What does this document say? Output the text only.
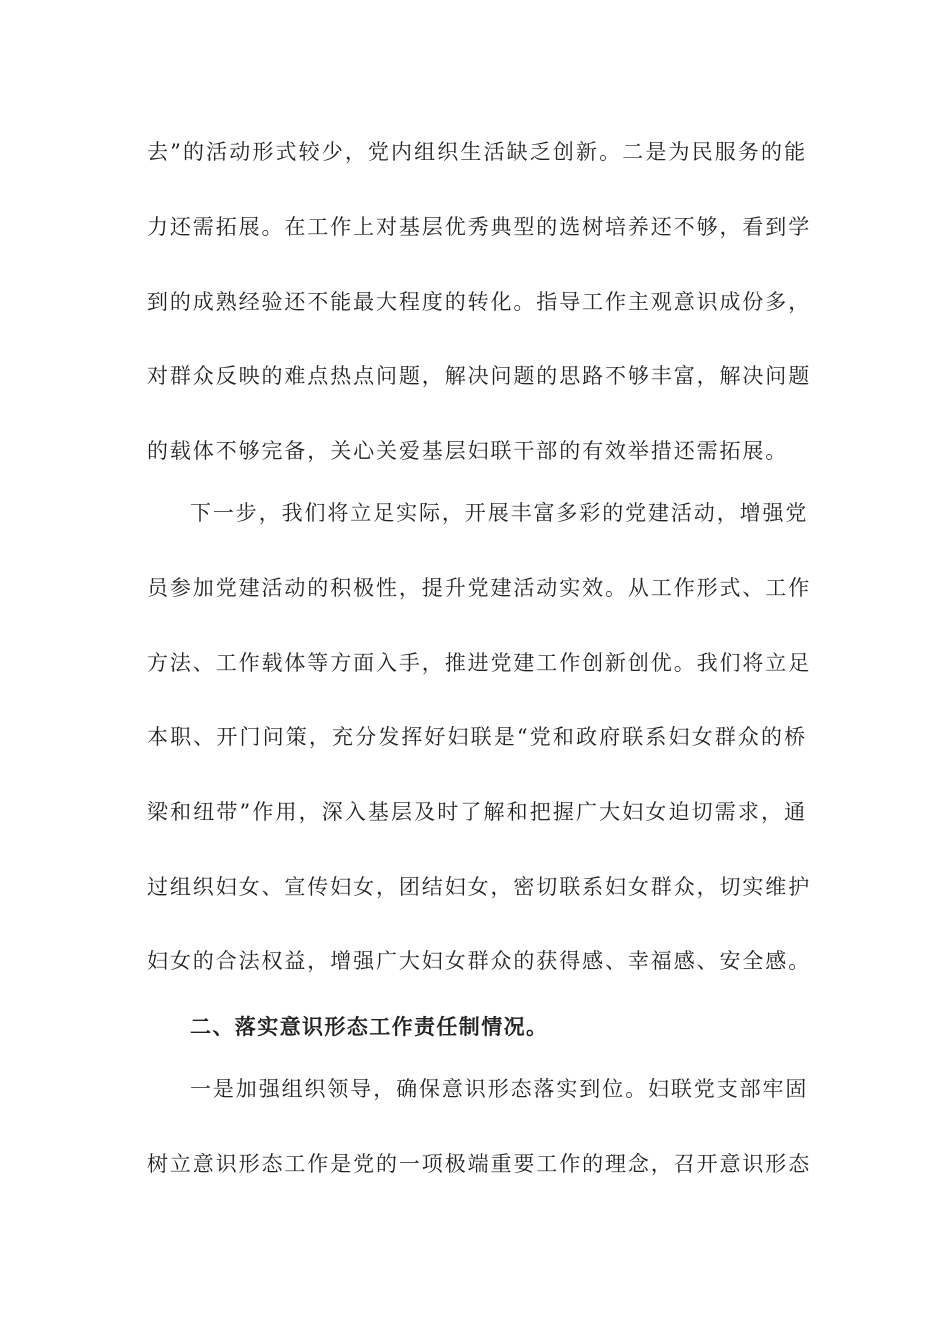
去”的活动形式较少，党内组织生活缺乏创新。二是为民服务的能
力还需拓展。在工作上对基层优秀典型的选树培养还不够，看到学
到的成熟经验还不能最大程度的转化。指导工作主观意识成份多，
对群众反映的难点热点问题，解决问题的思路不够丰富，解决问题
的载体不够完备，关心关爱基层妇联干部的有效举措还需拓展。
下一步，我们将立足实际，开展丰富多彩的党建活动，增强党
员参加党建活动的积极性，提升党建活动实效。从工作形式、工作
方法、工作载体等方面入手，推进党建工作创新创优。我们将立足
本职、开门问策，充分发挥好妇联是“党和政府联系妇女群众的桥
梁和纽带”作用，深入基层及时了解和把握广大妇女迫切需求，通
过组织妇女、宣传妇女，团结妇女，密切联系妇女群众，切实维护
妇女的合法权益，增强广大妇女群众的获得感、幸福感、安全感。
二、落实意识形态工作责任制情况。
一是加强组织领导，确保意识形态落实到位。妇联党支部牢固
树立意识形态工作是党的一项极端重要工作的理念，召开意识形态
